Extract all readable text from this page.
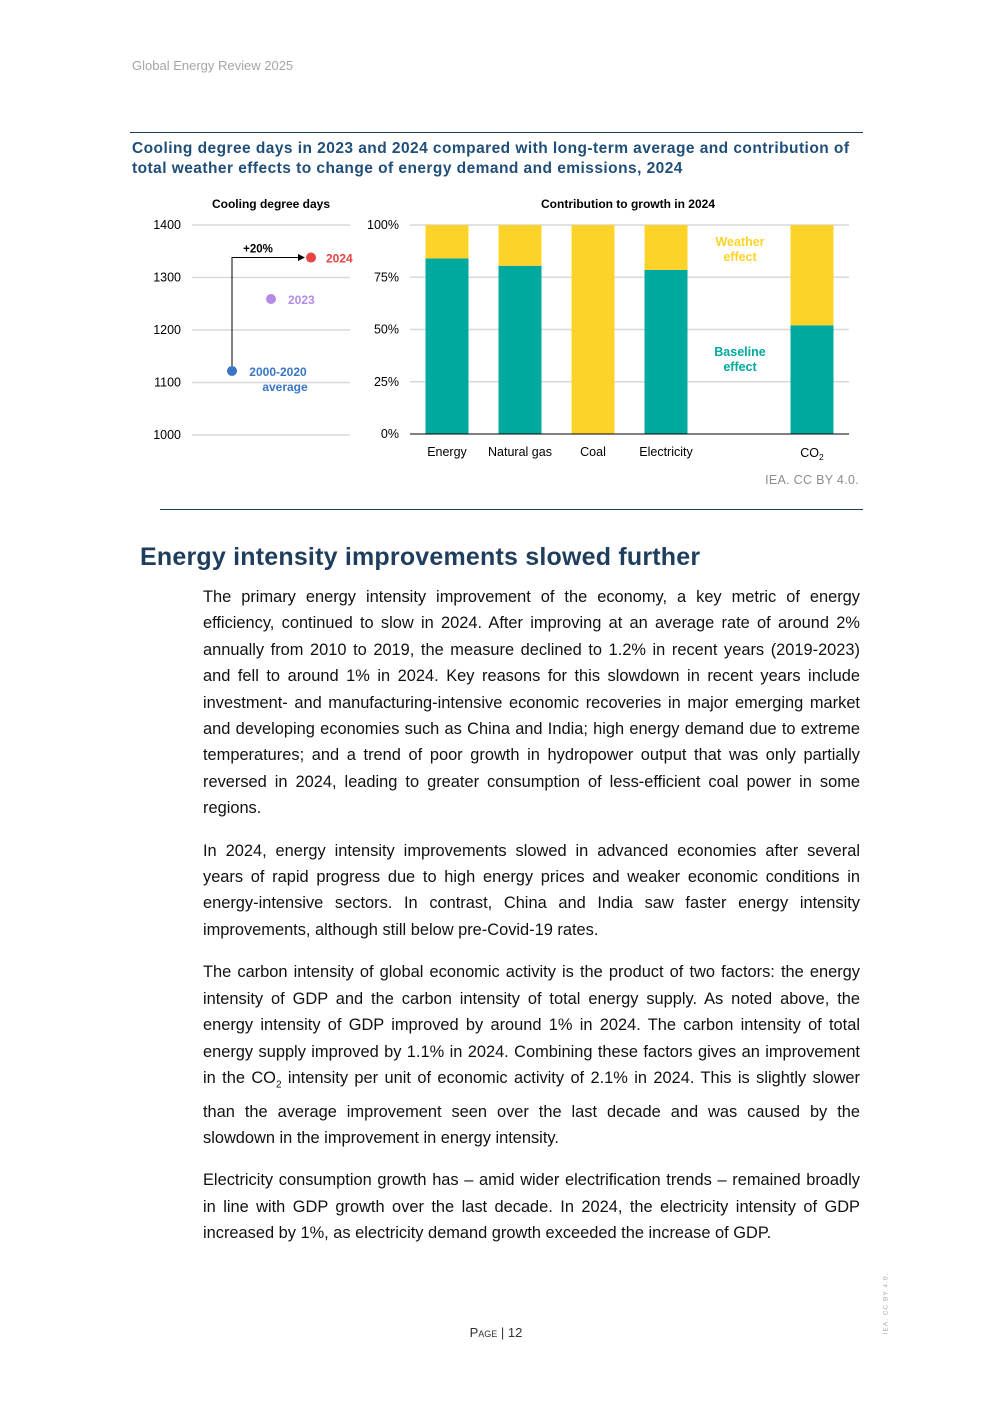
Global Energy Review 2025
Cooling degree days in 2023 and 2024 compared with long-term average and contribution of total weather effects to change of energy demand and emissions, 2024
Cooling degree days
1400
1300
1200
1100
1000
+20%
2024
2023
2000-2020
average
Contribution to growth in 2024
100%
75%
50%
25%
0%
Energy Natural gas Coal	Electricity	$CO_2$
Weather
effect
Baseline
effect
IEA. CC BY 4.0.
Energy intensity improvements slowed further

The primary energy intensity improvement of the economy, a key metric of energy efficiency, continued to slow in 2024. After improving at an average rate of around 2% annually from 2010 to 2019, the measure declined to 1.2% in recent years (2019-2023) and fell to around 1% in 2024. Key reasons for this slowdown in recent years include investment- and manufacturing-intensive economic recoveries in major emerging market and developing economies such as China and India; high energy demand due to extreme temperatures; and a trend of poor growth in hydropower output that was only partially reversed in 2024, leading to greater consumption of less-efficient coal power in some regions.

In 2024, energy intensity improvements slowed in advanced economies after several years of rapid progress due to high energy prices and weaker economic conditions in energy-intensive sectors. In contrast, China and India saw faster energy intensity improvements, although still below pre-Covid-19 rates.

The carbon intensity of global economic activity is the product of two factors: the energy intensity of GDP and the carbon intensity of total energy supply. As noted above, the energy intensity of GDP improved by around 1% in 2024. The carbon intensity of total energy supply improved by 1.1% in 2024. Combining these factors gives an improvement in the $CO_2$ intensity per unit of economic activity of 2.1% in 2024. This is slightly slower than the average improvement seen over the last decade and was caused by the slowdown in the improvement in energy intensity.

Electricity consumption growth has – amid wider electrification trends – remained broadly in line with GDP growth over the last decade. In 2024, the electricity intensity of GDP increased by 1%, as electricity demand growth exceeded the increase of GDP.

Page | 12	IEA. CC BY 4.0.
